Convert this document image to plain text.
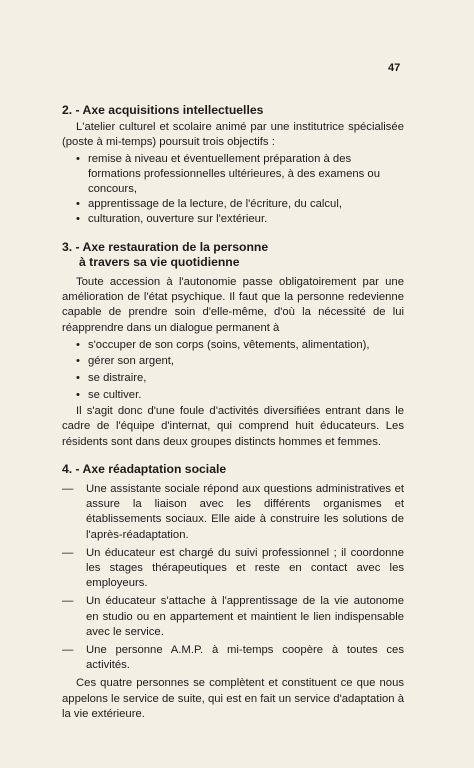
47
2. - Axe acquisitions intellectuelles

L'atelier culturel et scolaire animé par une institutrice spécialisée (poste à mi-temps) poursuit trois objectifs :

• remise à niveau et éventuellement préparation à des formations professionnelles ultérieures, à des examens ou concours,
• apprentissage de la lecture, de l'écriture, du calcul,
• culturation, ouverture sur l'extérieur.
3. - Axe restauration de la personne
à travers sa vie quotidienne

Toute accession à l'autonomie passe obligatoirement par une amélioration de l'état psychique. Il faut que la personne redevienne capable de prendre soin d'elle-même, d'où la nécessité de lui réapprendre dans un dialogue permanent à

• s'occuper de son corps (soins, vêtements, alimentation),
• gérer son argent,
• se distraire,
• se cultiver.

Il s'agit donc d'une foule d'activités diversifiées entrant dans le cadre de l'équipe d'internat, qui comprend huit éducateurs. Les résidents sont dans deux groupes distincts hommes et femmes.

4. - Axe réadaptation sociale
— Une assistante sociale répond aux questions administratives et assure la liaison avec les différents organismes et établissements sociaux. Elle aide à construire les solutions de l'après-réadaptation.
— Un éducateur est chargé du suivi professionnel ; il coordonne les stages thérapeutiques et reste en contact avec les employeurs.
— Un éducateur s'attache à l'apprentissage de la vie autonome en studio ou en appartement et maintient le lien indispensable avec le service.
— Une personne A.M.P. à mi-temps coopère à toutes ces activités.

Ces quatre personnes se complètent et constituent ce que nous appelons le service de suite, qui est en fait un service d'adaptation à la vie extérieure.
